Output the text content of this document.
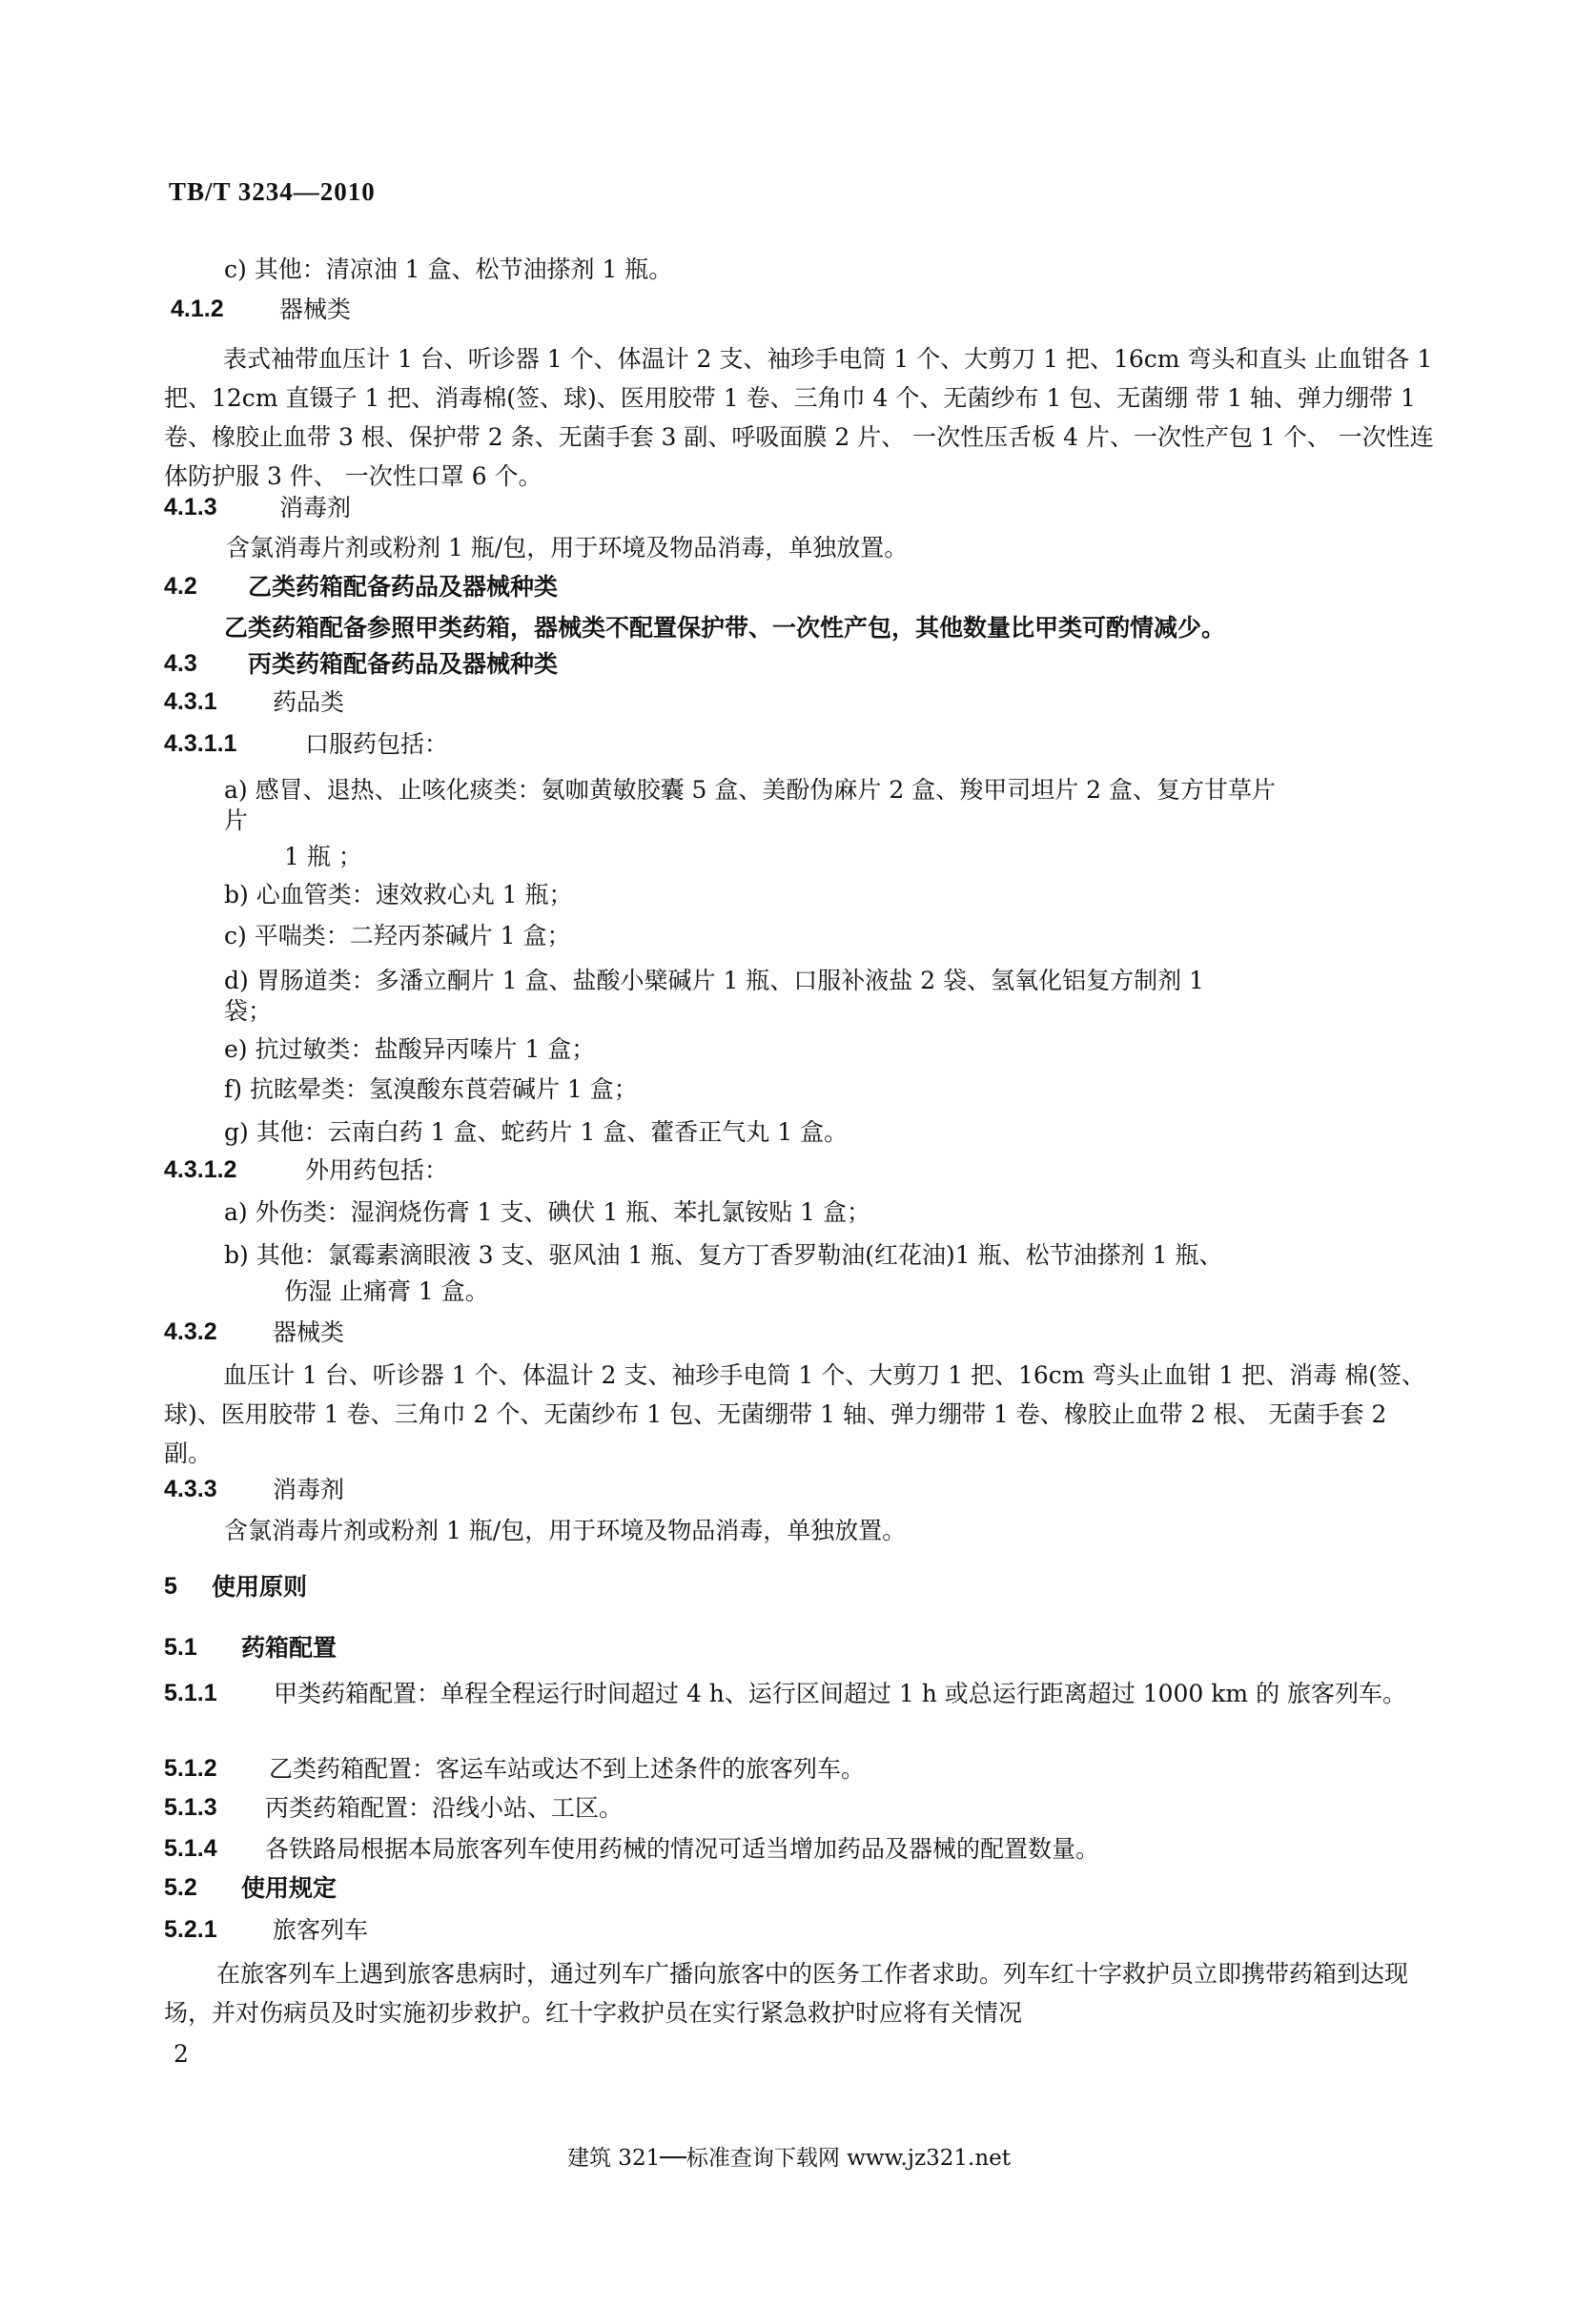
TB/T 3234—2010
c) 其他：清凉油 1 盒、松节油搽剂 1 瓶。
4.1.2 器械类
表式袖带血压计 1 台、听诊器 1 个、体温计 2 支、袖珍手电筒 1 个、大剪刀 1 把、16cm 弯头和直头 止血钳各 1 把、12cm 直镊子 1 把、消毒棉(签、球)、医用胶带 1 卷、三角巾 4 个、无菌纱布 1 包、无菌绷 带 1 轴、弹力绷带 1 卷、橡胶止血带 3 根、保护带 2 条、无菌手套 3 副、呼吸面膜 2 片、 一次性压舌板 4 片、一次性产包 1 个、 一次性连体防护服 3 件、 一次性口罩 6 个。
4.1.3	消毒剂
含氯消毒片剂或粉剂 1 瓶/包，用于环境及物品消毒，单独放置。
4.2 乙类药箱配备药品及器械种类
乙类药箱配备参照甲类药箱，器械类不配置保护带、一次性产包，其他数量比甲类可酌情减少。
4.3 丙类药箱配备药品及器械种类
4.3.1 药品类
4.3.1.1	口服药包括：
a) 感冒、退热、止咳化痰类：氨咖黄敏胶囊 5 盒、美酚伪麻片 2 盒、羧甲司坦片 2 盒、复方甘草片
片
1 瓶 ；
b) 心血管类：速效救心丸 1 瓶；
c) 平喘类：二羟丙茶碱片 1 盒；
d) 胃肠道类：多潘立酮片 1 盒、盐酸小檗碱片 1 瓶、口服补液盐 2 袋、氢氧化铝复方制剂 1
袋；
e) 抗过敏类：盐酸异丙嗪片 1 盒；
f) 抗眩晕类：氢溴酸东莨菪碱片 1 盒；
g) 其他：云南白药 1 盒、蛇药片 1 盒、藿香正气丸 1 盒。
4.3.1.2	外用药包括：
a) 外伤类：湿润烧伤膏 1 支、碘伏 1 瓶、苯扎氯铵贴 1 盒；
b) 其他：氯霉素滴眼液 3 支、驱风油 1 瓶、复方丁香罗勒油(红花油)1 瓶、松节油搽剂 1 瓶、
伤湿 止痛膏 1 盒。
4.3.2 器械类
血压计 1 台、听诊器 1 个、体温计 2 支、袖珍手电筒 1 个、大剪刀 1 把、16cm 弯头止血钳 1 把、消毒 棉(签、球)、医用胶带 1 卷、三角巾 2 个、无菌纱布 1 包、无菌绷带 1 轴、弹力绷带 1 卷、橡胶止血带 2 根、 无菌手套 2 副。
4.3.3 消毒剂
含氯消毒片剂或粉剂 1 瓶/包，用于环境及物品消毒，单独放置。
5 使用原则
5.1 药箱配置
5.1.1	甲类药箱配置：单程全程运行时间超过 4 h、运行区间超过 1 h 或总运行距离超过 1000 km 的 旅客列车。
5.1.2 乙类药箱配置：客运车站或达不到上述条件的旅客列车。
5.1.3 丙类药箱配置：沿线小站、工区。
5.1.4 各铁路局根据本局旅客列车使用药械的情况可适当增加药品及器械的配置数量。
5.2 使用规定
5.2.1 旅客列车
在旅客列车上遇到旅客患病时，通过列车广播向旅客中的医务工作者求助。列车红十字救护员立即携带药箱到达现场，并对伤病员及时实施初步救护。红十字救护员在实行紧急救护时应将有关情况
2
建筑 321──标准查询下载网 www.jz321.net
